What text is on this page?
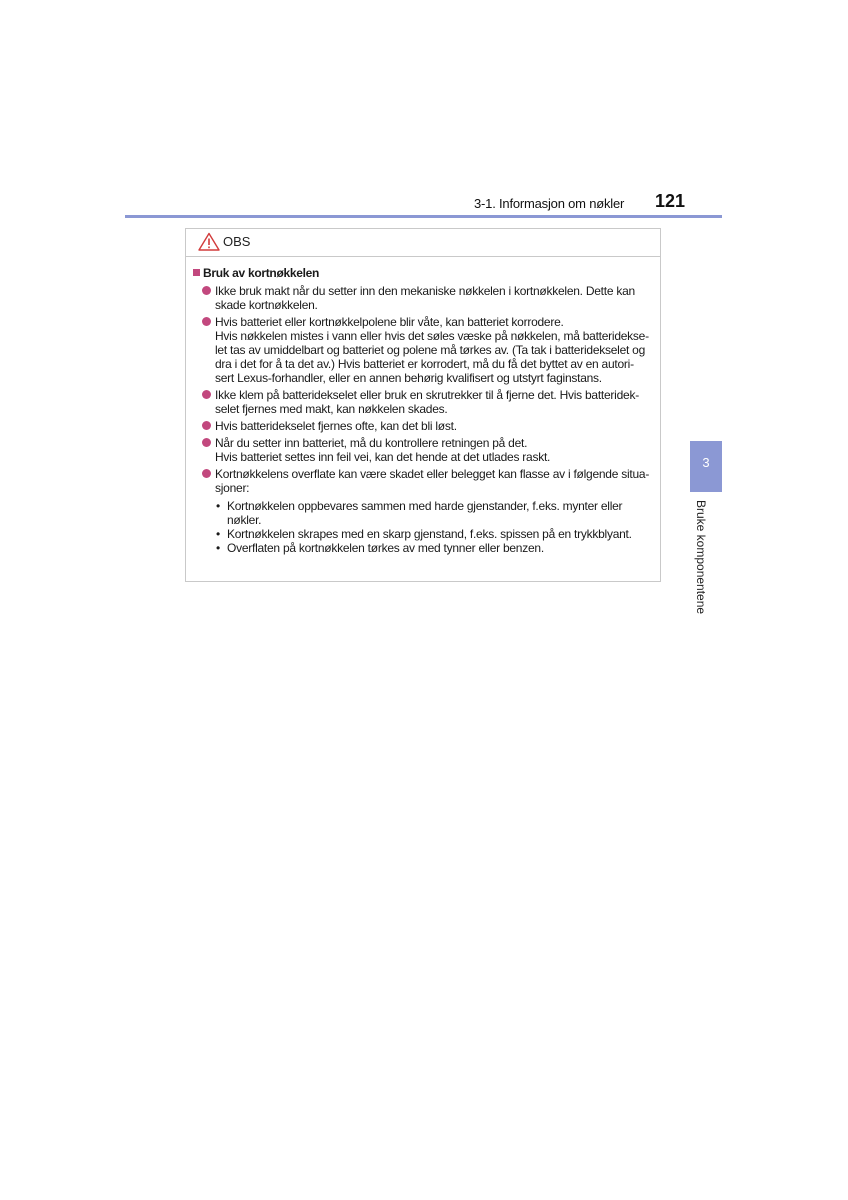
3-1. Informasjon om nøkler 121
OBS
Bruk av kortnøkkelen
Ikke bruk makt når du setter inn den mekaniske nøkkelen i kortnøkkelen. Dette kan
skade kortnøkkelen.
Hvis batteriet eller kortnøkkelpolene blir våte, kan batteriet korrodere.
Hvis nøkkelen mistes i vann eller hvis det søles væske på nøkkelen, må batteridekse-
let tas av umiddelbart og batteriet og polene må tørkes av. (Ta tak i batteridekselet og
dra i det for å ta det av.) Hvis batteriet er korrodert, må du få det byttet av en autori-
sert Lexus-forhandler, eller en annen behørig kvalifisert og utstyrt faginstans.
Ikke klem på batteridekselet eller bruk en skrutrekker til å fjerne det. Hvis batteridek-
selet fjernes med makt, kan nøkkelen skades.
Hvis batteridekselet fjernes ofte, kan det bli løst.
Når du setter inn batteriet, må du kontrollere retningen på det.
Hvis batteriet settes inn feil vei, kan det hende at det utlades raskt.
Kortnøkkelens overflate kan være skadet eller belegget kan flasse av i følgende situa-
sjoner:
• Kortnøkkelen oppbevares sammen med harde gjenstander, f.eks. mynter eller
nøkler.
• Kortnøkkelen skrapes med en skarp gjenstand, f.eks. spissen på en trykkblyant.
• Overflaten på kortnøkkelen tørkes av med tynner eller benzen.
3
Bruke komponentene
